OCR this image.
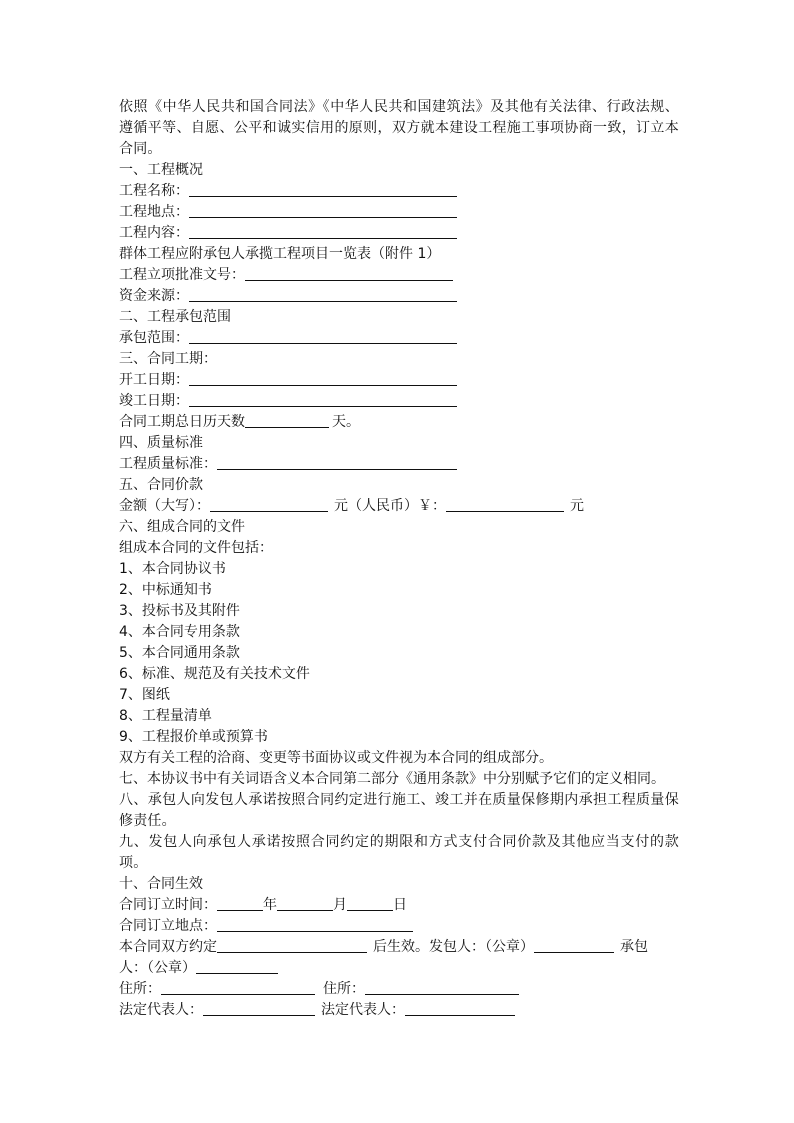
依照《中华人民共和国合同法》《中华人民共和国建筑法》及其他有关法律、行政法规、遵循平等、自愿、公平和诚实信用的原则，双方就本建设工程施工事项协商一致，订立本合同。
一、工程概况
工程名称：
工程地点：
工程内容：
群体工程应附承包人承揽工程项目一览表（附件 1）
工程立项批准文号：
资金来源：
二、工程承包范围
承包范围：
三、合同工期：
开工日期：
竣工日期：
合同工期总日历天数	天。
四、质量标准
工程质量标准：
五、合同价款
金额（大写）：	元（人民币）￥：	元
六、组成合同的文件
组成本合同的文件包括：
1、本合同协议书
2、中标通知书
3、投标书及其附件
4、本合同专用条款
5、本合同通用条款
6、标准、规范及有关技术文件
7、图纸
8、工程量清单
9、工程报价单或预算书
双方有关工程的洽商、变更等书面协议或文件视为本合同的组成部分。
七、本协议书中有关词语含义本合同第二部分《通用条款》中分别赋予它们的定义相同。
八、承包人向发包人承诺按照合同约定进行施工、竣工并在质量保修期内承担工程质量保修责任。
九、发包人向承包人承诺按照合同约定的期限和方式支付合同价款及其他应当支付的款项。
十、合同生效
合同订立时间：	年	月	日
合同订立地点：
本合同双方约定	后生效。发包人：（公章）	承包
人：（公章）
住所：	住所：
法定代表人：	法定代表人：
